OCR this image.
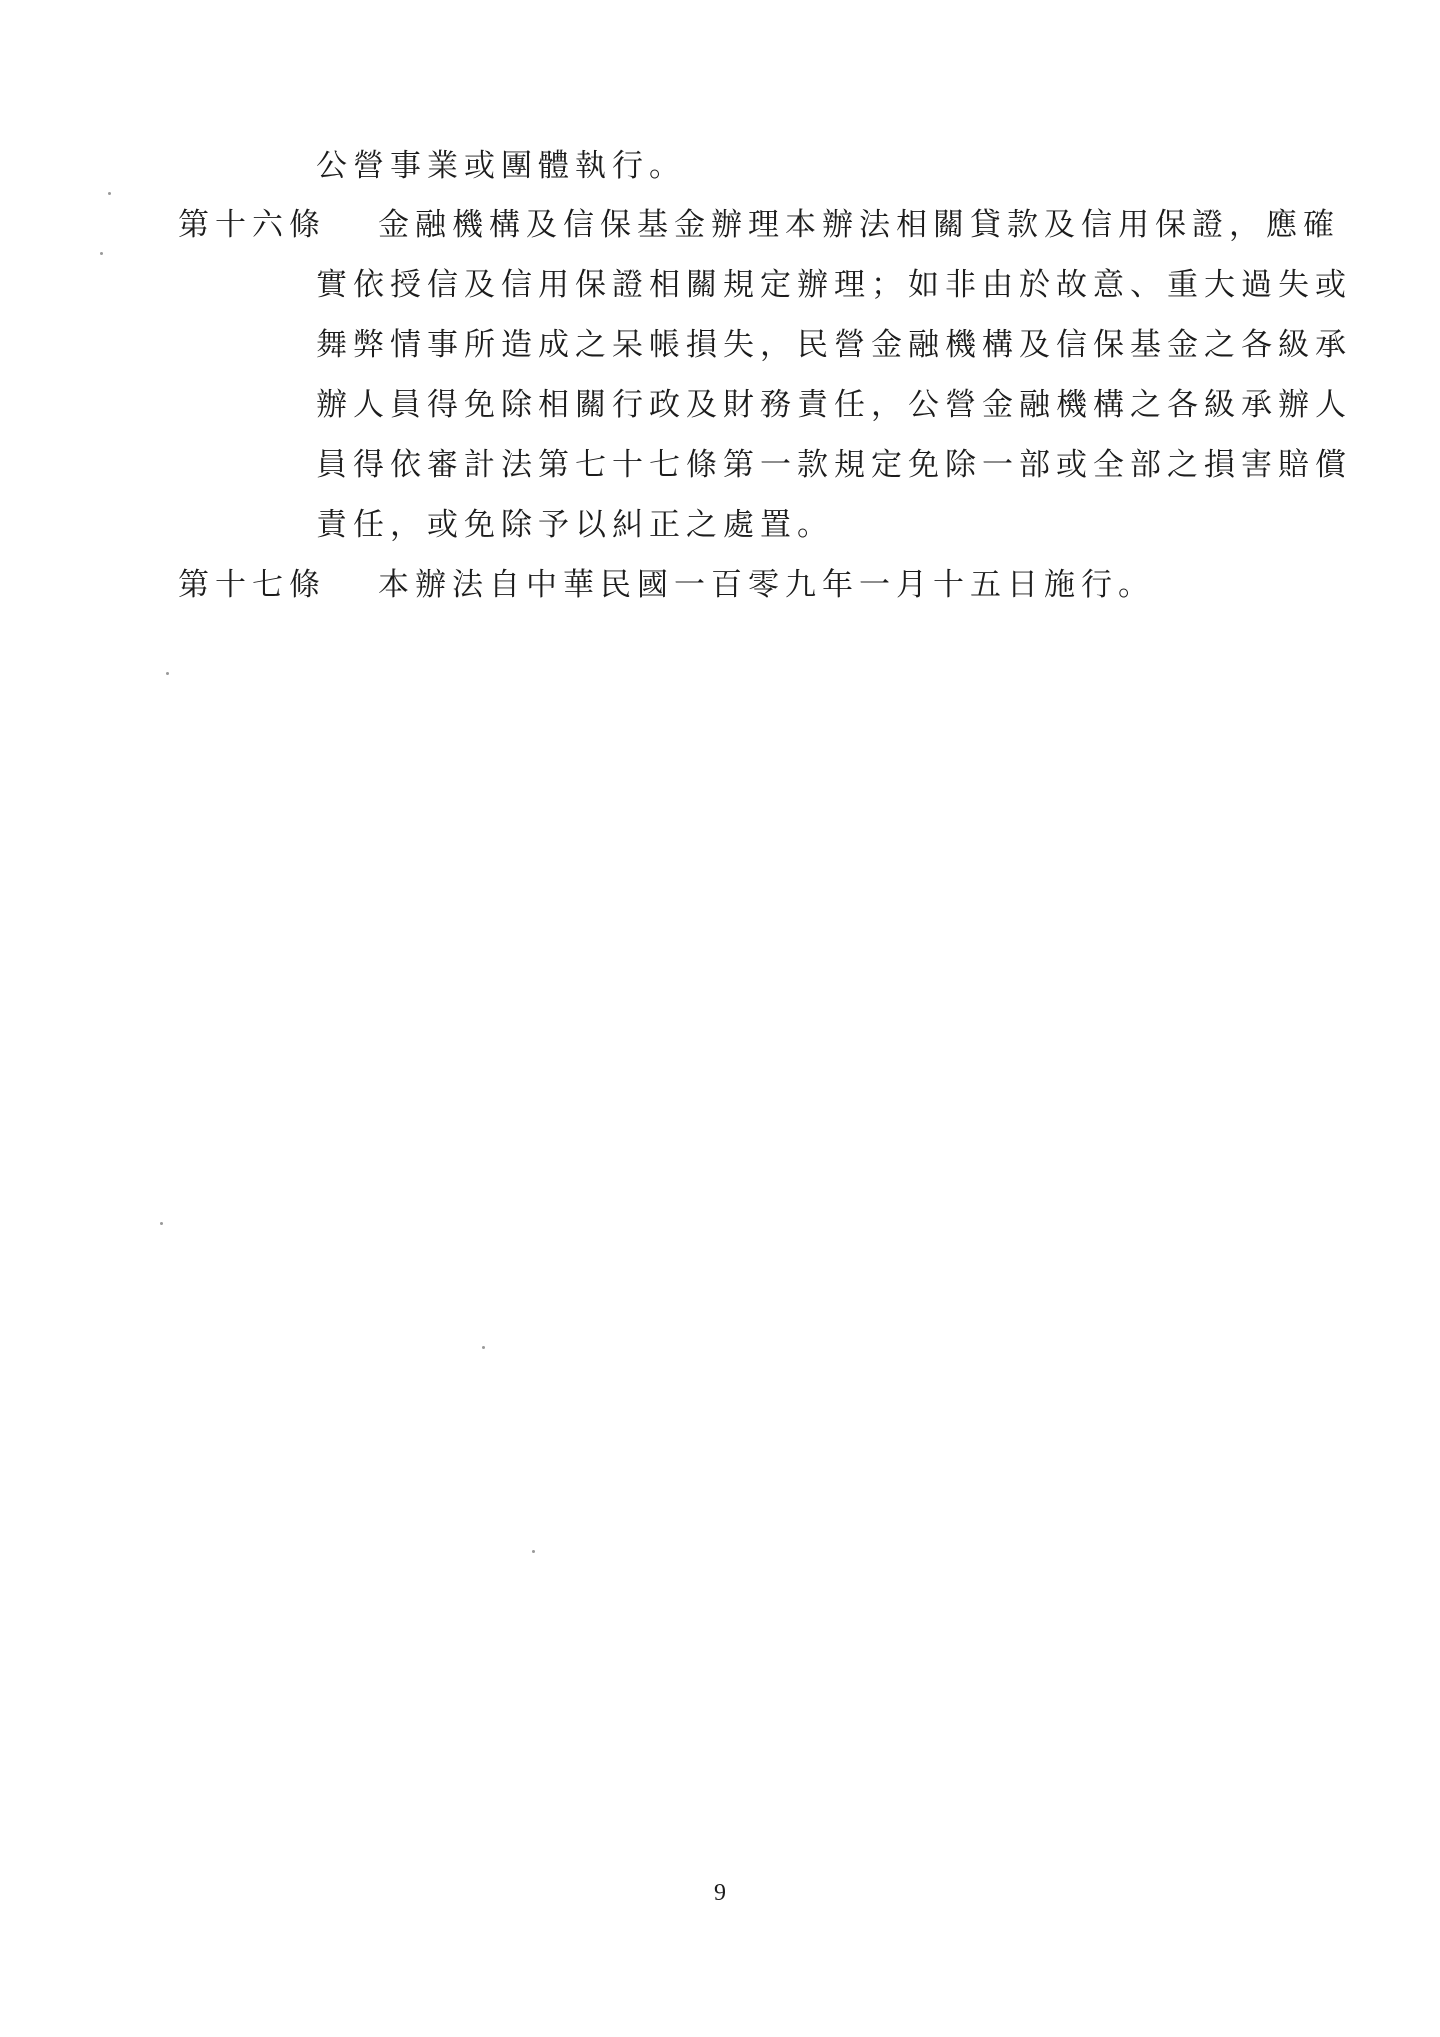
公營事業或團體執行。
第十六條 金融機構及信保基金辦理本辦法相關貸款及信用保證，應確
實依授信及信用保證相關規定辦理；如非由於故意、重大過失或
舞弊情事所造成之呆帳損失，民營金融機構及信保基金之各級承
辦人員得免除相關行政及財務責任，公營金融機構之各級承辦人
員得依審計法第七十七條第一款規定免除一部或全部之損害賠償
責任，或免除予以糾正之處置。
第十七條 本辦法自中華民國一百零九年一月十五日施行。
9
